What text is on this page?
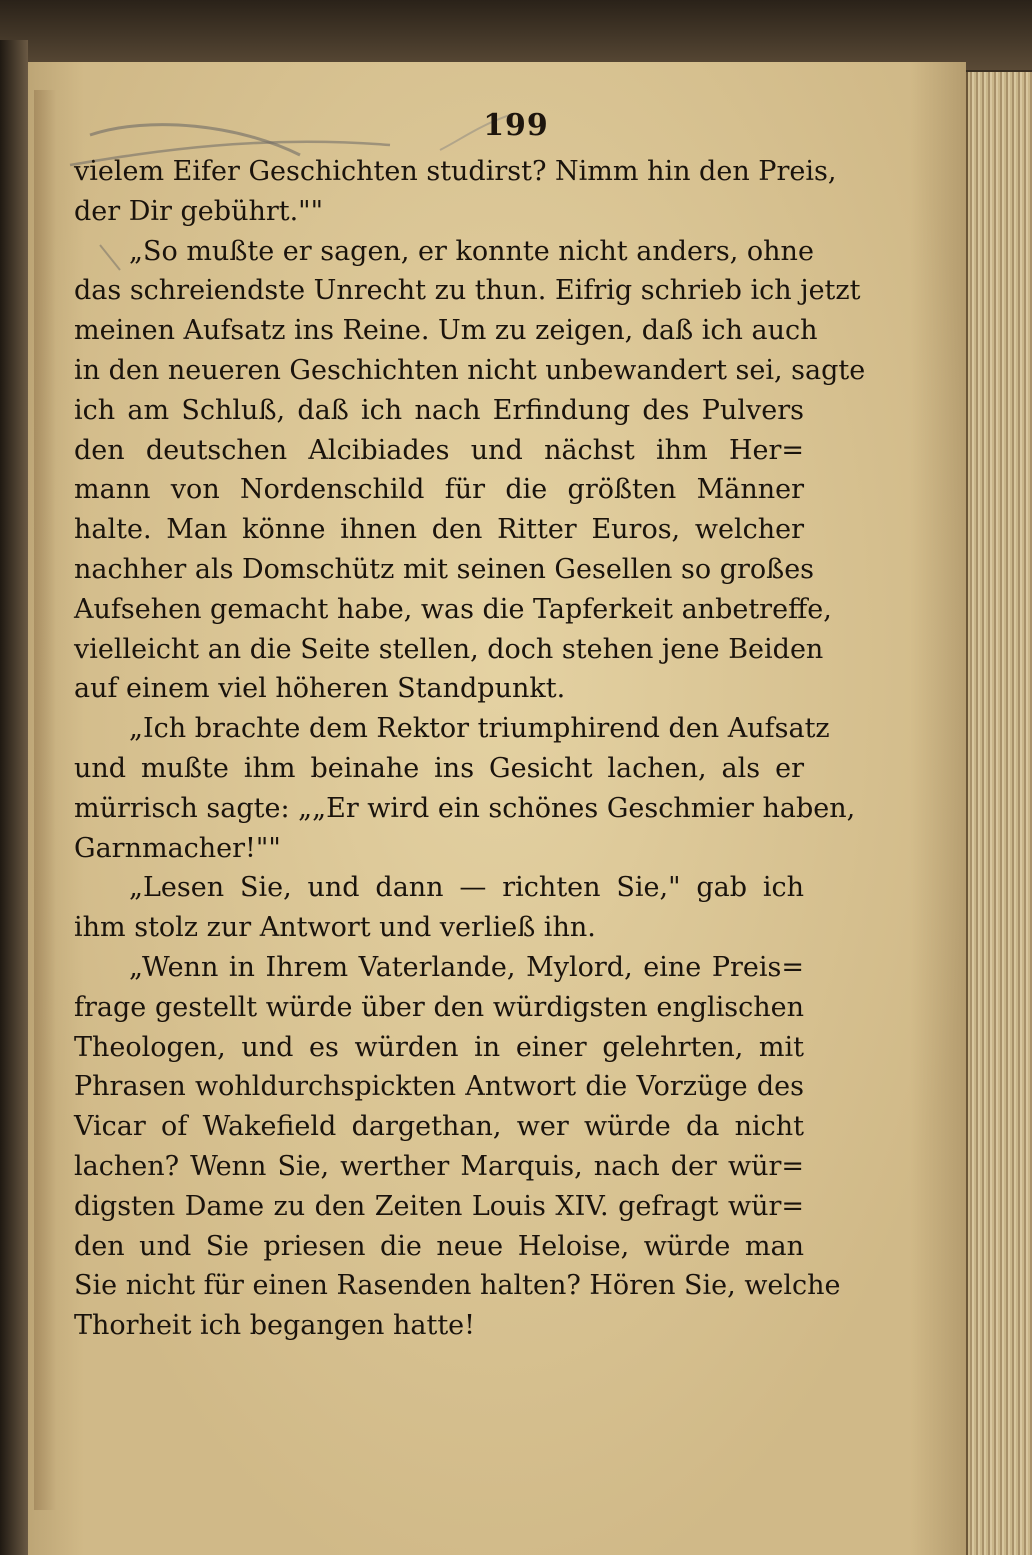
199
vielem Eifer Geschichten studirst? Nimm hin den Preis,
der Dir gebührt.""
„So mußte er sagen, er konnte nicht anders, ohne
das schreiendste Unrecht zu thun. Eifrig schrieb ich jetzt
meinen Aufsatz ins Reine. Um zu zeigen, daß ich auch
in den neueren Geschichten nicht unbewandert sei, sagte
ich am Schluß, daß ich nach Erfindung des Pulvers
den deutschen Alcibiades und nächst ihm Her=
mann von Nordenschild für die größten Männer
halte. Man könne ihnen den Ritter Euros, welcher
nachher als Domschütz mit seinen Gesellen so großes
Aufsehen gemacht habe, was die Tapferkeit anbetreffe,
vielleicht an die Seite stellen, doch stehen jene Beiden
auf einem viel höheren Standpunkt.
„Ich brachte dem Rektor triumphirend den Aufsatz
und mußte ihm beinahe ins Gesicht lachen, als er
mürrisch sagte: „„Er wird ein schönes Geschmier haben,
Garnmacher!""
„Lesen Sie, und dann — richten Sie," gab ich
ihm stolz zur Antwort und verließ ihn.
„Wenn in Ihrem Vaterlande, Mylord, eine Preis=
frage gestellt würde über den würdigsten englischen
Theologen, und es würden in einer gelehrten, mit
Phrasen wohldurchspickten Antwort die Vorzüge des
Vicar of Wakefield dargethan, wer würde da nicht
lachen? Wenn Sie, werther Marquis, nach der wür=
digsten Dame zu den Zeiten Louis XIV. gefragt wür=
den und Sie priesen die neue Heloise, würde man
Sie nicht für einen Rasenden halten? Hören Sie, welche
Thorheit ich begangen hatte!
